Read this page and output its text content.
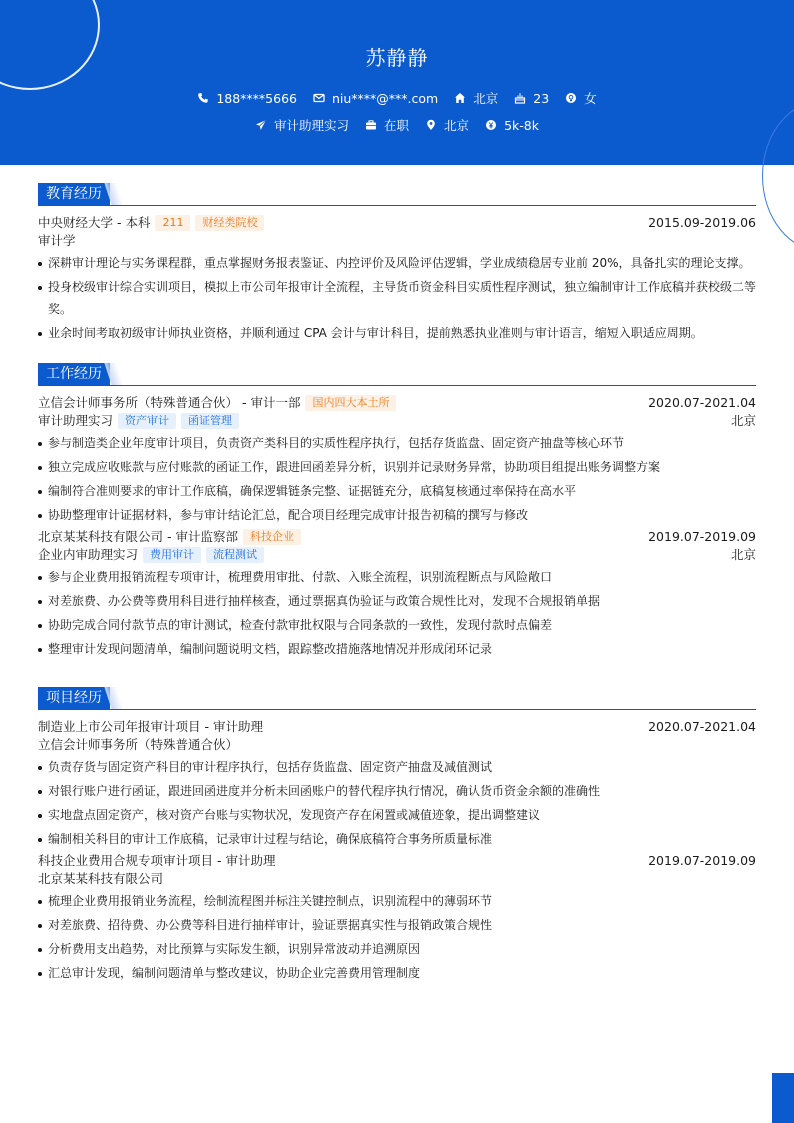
苏静静
188****5666	niu****@***.com	北京	23	女
审计助理实习	在职	北京	5k-8k
教育经历
中央财经大学 - 本科	211	财经类院校	2015.09-2019.06
审计学
深耕审计理论与实务课程群，重点掌握财务报表鉴证、内控评价及风险评估逻辑，学业成绩稳居专业前 20%，具备扎实的理论支撑。
投身校级审计综合实训项目，模拟上市公司年报审计全流程，主导货币资金科目实质性程序测试，独立编制审计工作底稿并获校级二等奖。
业余时间考取初级审计师执业资格，并顺利通过 CPA 会计与审计科目，提前熟悉执业准则与审计语言，缩短入职适应周期。
工作经历
立信会计师事务所（特殊普通合伙） - 审计一部	国内四大本土所	2020.07-2021.04
审计助理实习	资产审计	函证管理	北京
参与制造类企业年度审计项目，负责资产类科目的实质性程序执行，包括存货监盘、固定资产抽盘等核心环节
独立完成应收账款与应付账款的函证工作，跟进回函差异分析，识别并记录财务异常，协助项目组提出账务调整方案
编制符合准则要求的审计工作底稿，确保逻辑链条完整、证据链充分，底稿复核通过率保持在高水平
协助整理审计证据材料，参与审计结论汇总，配合项目经理完成审计报告初稿的撰写与修改
北京某某科技有限公司 - 审计监察部	科技企业	2019.07-2019.09
企业内审助理实习	费用审计	流程测试	北京
参与企业费用报销流程专项审计，梳理费用审批、付款、入账全流程，识别流程断点与风险敞口
对差旅费、办公费等费用科目进行抽样核查，通过票据真伪验证与政策合规性比对，发现不合规报销单据
协助完成合同付款节点的审计测试，检查付款审批权限与合同条款的一致性，发现付款时点偏差
整理审计发现问题清单，编制问题说明文档，跟踪整改措施落地情况并形成闭环记录
项目经历
制造业上市公司年报审计项目 - 审计助理	2020.07-2021.04
立信会计师事务所（特殊普通合伙）
负责存货与固定资产科目的审计程序执行，包括存货监盘、固定资产抽盘及减值测试
对银行账户进行函证，跟进回函进度并分析未回函账户的替代程序执行情况，确认货币资金余额的准确性
实地盘点固定资产，核对资产台账与实物状况，发现资产存在闲置或减值迹象，提出调整建议
编制相关科目的审计工作底稿，记录审计过程与结论，确保底稿符合事务所质量标准
科技企业费用合规专项审计项目 - 审计助理	2019.07-2019.09
北京某某科技有限公司
梳理企业费用报销业务流程，绘制流程图并标注关键控制点，识别流程中的薄弱环节
对差旅费、招待费、办公费等科目进行抽样审计，验证票据真实性与报销政策合规性
分析费用支出趋势，对比预算与实际发生额，识别异常波动并追溯原因
汇总审计发现，编制问题清单与整改建议，协助企业完善费用管理制度
